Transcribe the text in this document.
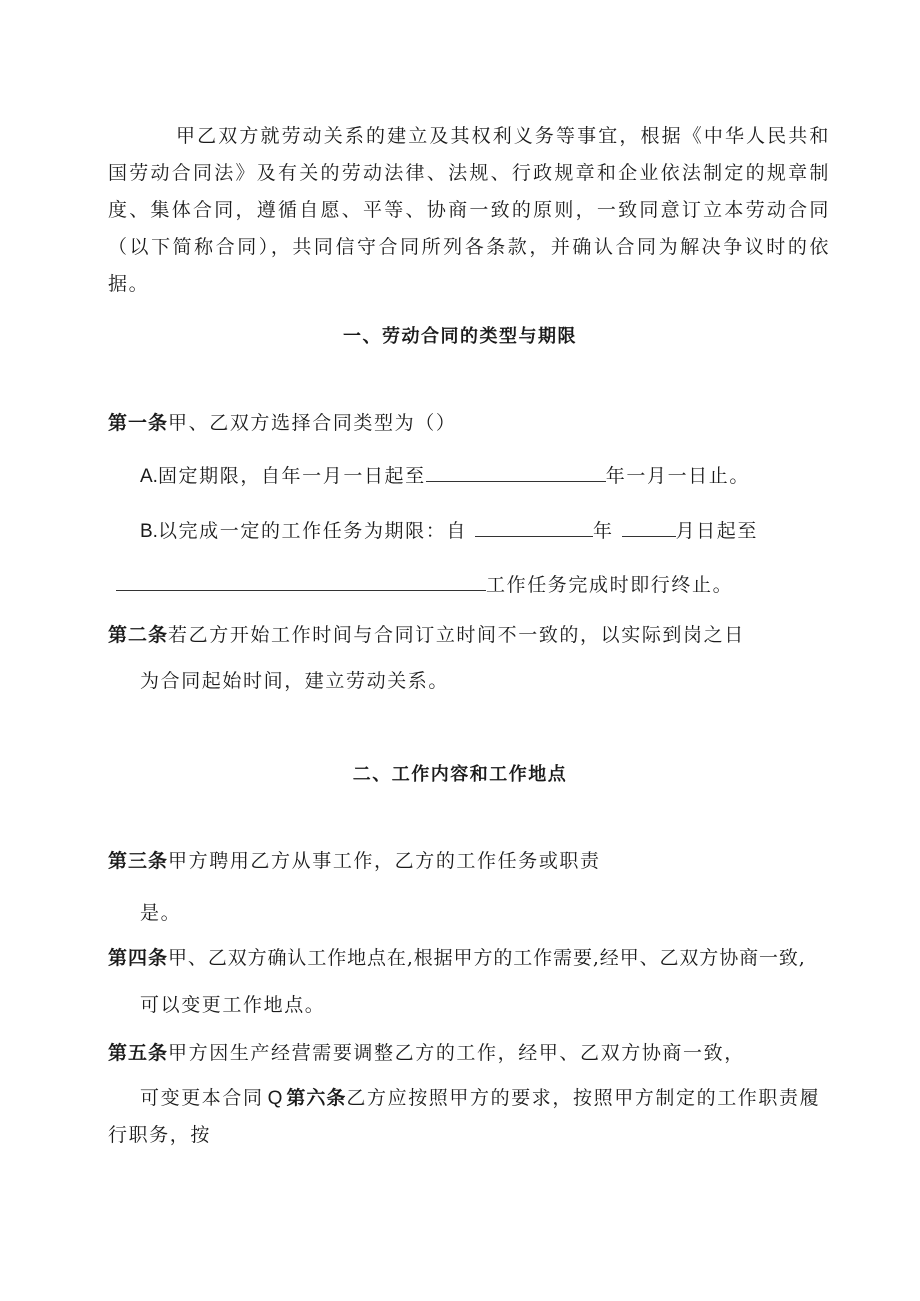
甲乙双方就劳动关系的建立及其权利义务等事宜，根据《中华人民共和国劳动合同法》及有关的劳动法律、法规、行政规章和企业依法制定的规章制度、集体合同，遵循自愿、平等、协商一致的原则，一致同意订立本劳动合同（以下简称合同），共同信守合同所列各条款，并确认合同为解决争议时的依据。

一、劳动合同的类型与期限

第一条甲、乙双方选择合同类型为（）

A.固定期限，自年一月一日起至	年一月一日止。

B.以完成一定的工作任务为期限：自	年	月日起至

工作任务完成时即行终止。

第二条若乙方开始工作时间与合同订立时间不一致的，以实际到岗之日

为合同起始时间，建立劳动关系。

二、工作内容和工作地点

第三条甲方聘用乙方从事工作，乙方的工作任务或职责

是。

第四条甲、乙双方确认工作地点在,根据甲方的工作需要,经甲、乙双方协商一致,

可以变更工作地点。

第五条甲方因生产经营需要调整乙方的工作，经甲、乙双方协商一致，

可变更本合同 Q 第六条乙方应按照甲方的要求，按照甲方制定的工作职责履行职务，按
